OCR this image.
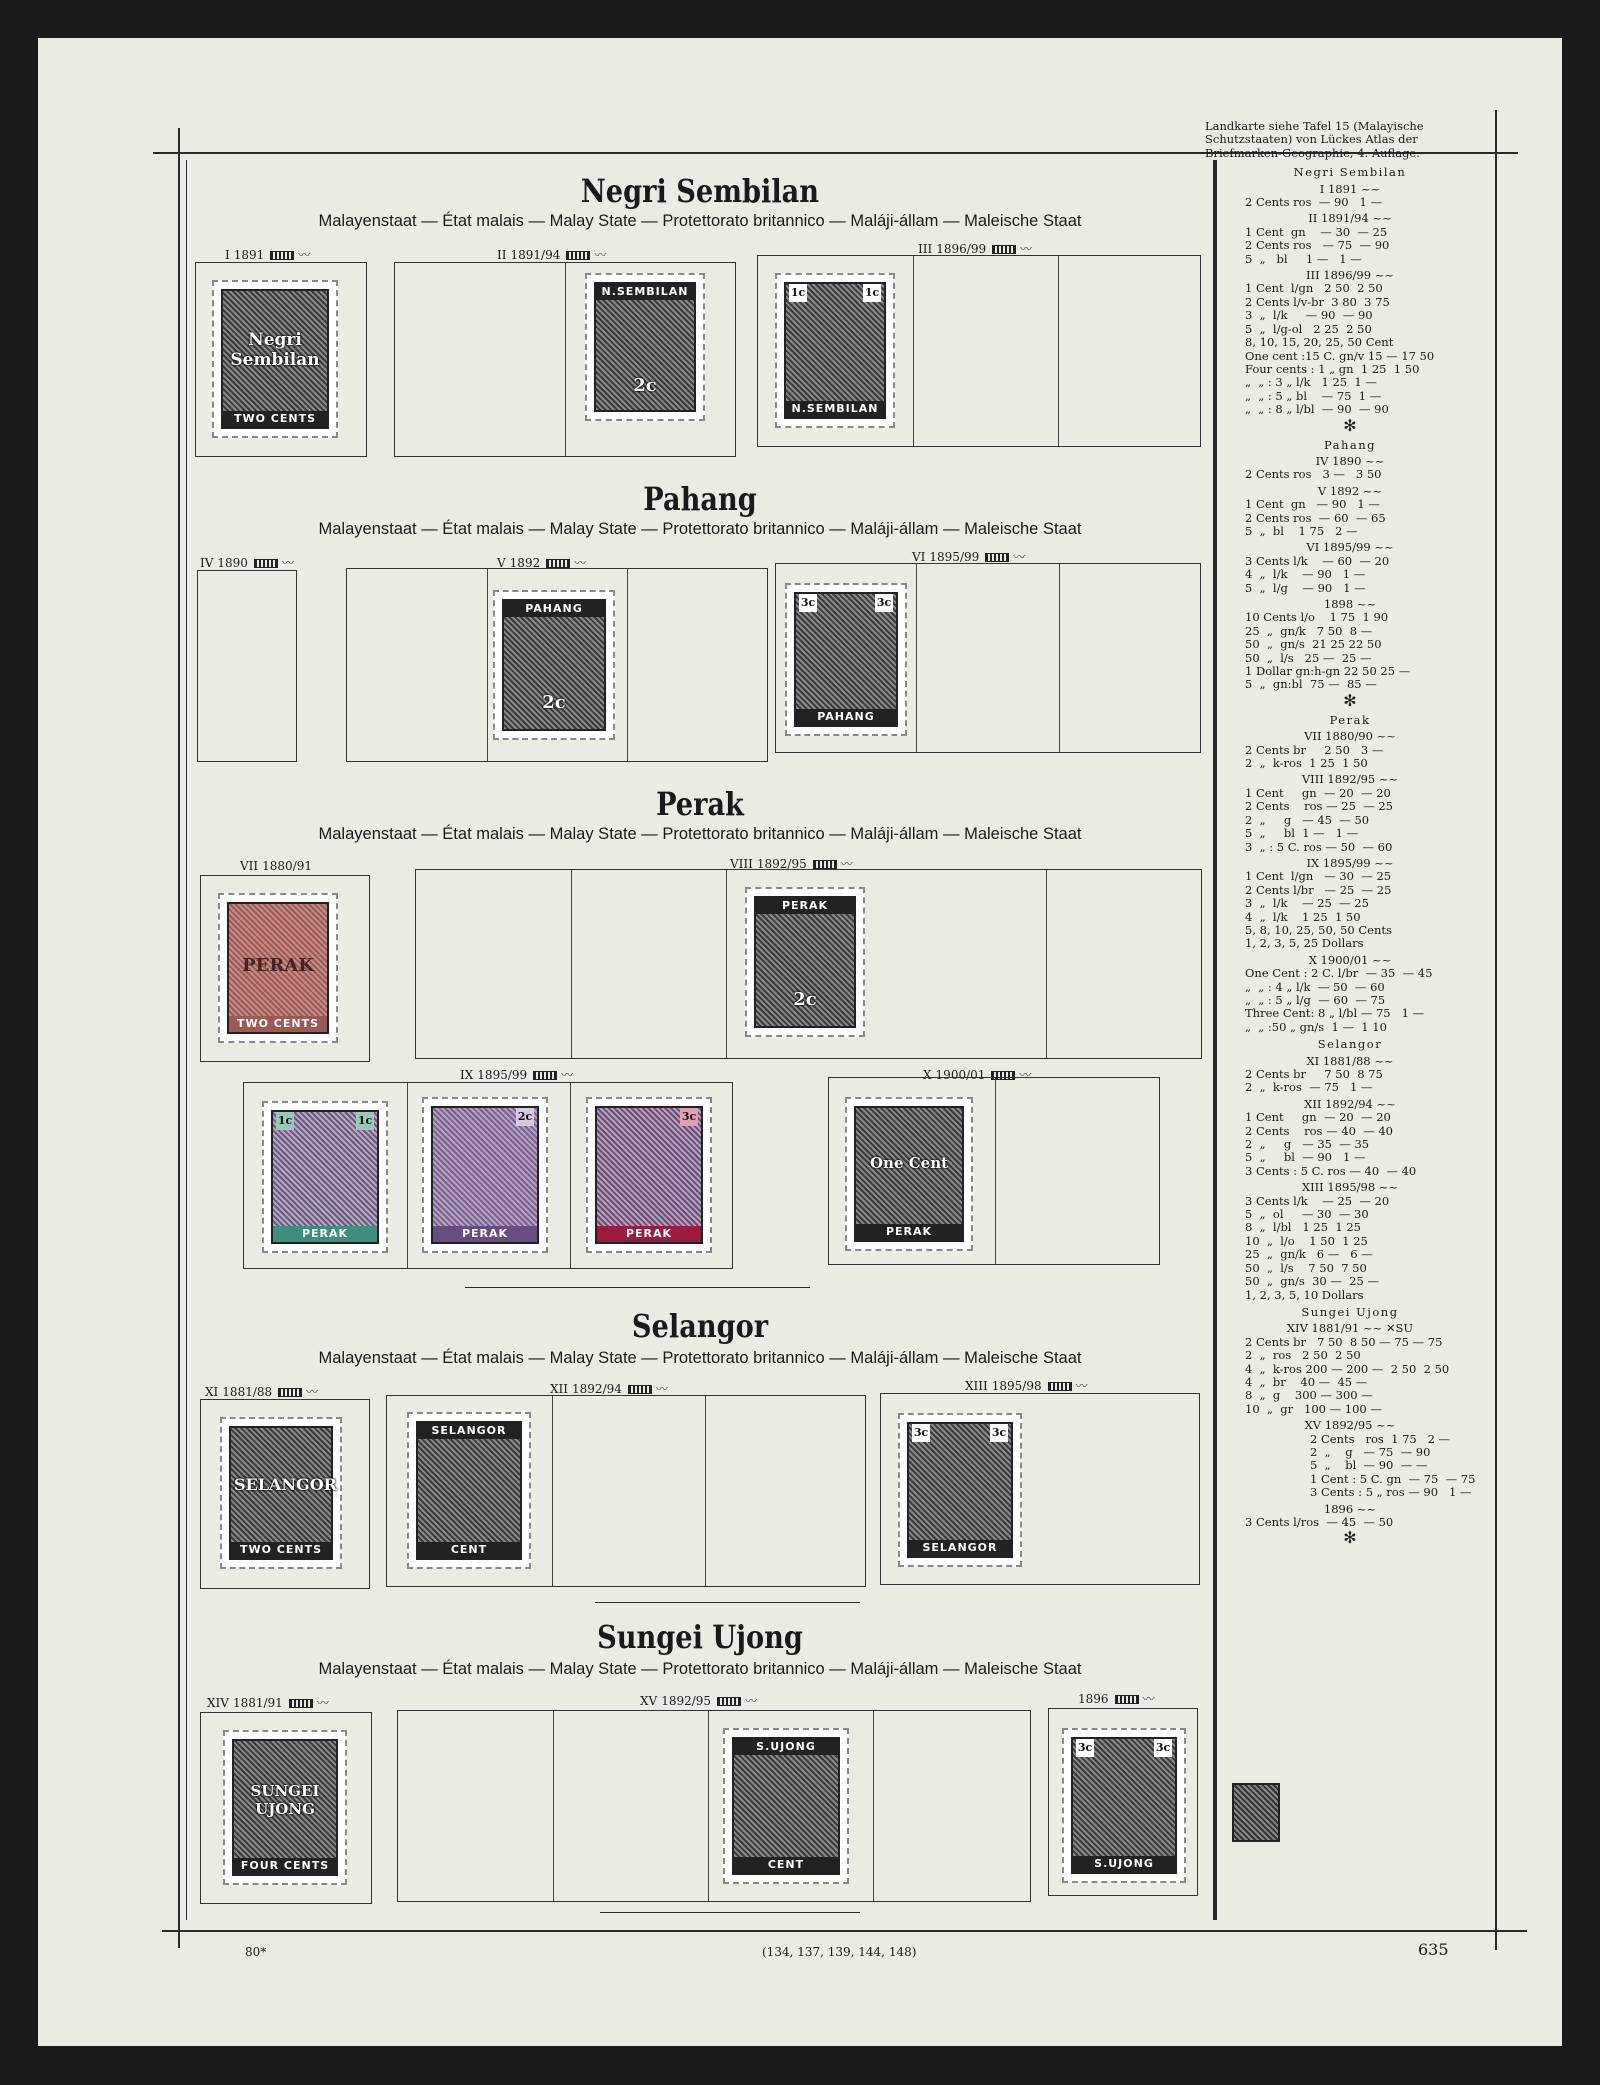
Negri Sembilan
Malayenstaat — État malais — Malay State — Protettorato britannico — Maláji-állam — Maleische Staat
I 1891	〰	II 1891/94	〰	III 1896/99	〰
Negri Sembilan
TWO CENTS
N.SEMBILAN
2c
1c	1c
N.SEMBILAN
Pahang
Malayenstaat — État malais — Malay State — Protettorato britannico — Maláji-állam — Maleische Staat
IV 1890	〰	V 1892	〰	VI 1895/99	〰
PAHANG
2c
3c	3c
PAHANG
Perak
Malayenstaat — État malais — Malay State — Protettorato britannico — Maláji-állam — Maleische Staat
VII 1880/91	VIII 1892/95	〰
PERAK
TWO CENTS
PERAK
2c
IX 1895/99	〰	X 1900/01	〰
1c	1c
PERAK
2c
PERAK
3c
PERAK
One Cent
PERAK
Selangor
Malayenstaat — État malais — Malay State — Protettorato britannico — Maláji-állam — Maleische Staat
XI 1881/88	〰	XII 1892/94	〰	XIII 1895/98	〰
SELANGOR
TWO CENTS
SELANGOR
CENT
3c	3c
SELANGOR
Sungei Ujong
Malayenstaat — État malais — Malay State — Protettorato britannico — Maláji-állam — Maleische Staat
XIV 1881/91	〰	XV 1892/95	〰	1896	〰
SUNGEI UJONG
FOUR CENTS
S.UJONG
CENT
3c	3c
S.UJONG
Landkarte siehe Tafel 15 (Malayische Schutzstaaten) von Lückes Atlas der Briefmarken-Geographie, 4. Auflage.
Negri Sembilan
I 1891 ~~
2 Cents ros  — 90   1 —
II 1891/94 ~~
1 Cent  gn    — 30  — 25
2 Cents ros   — 75  — 90
5  „   bl     1 —   1 —
III 1896/99 ~~
1 Cent  l/gn   2 50  2 50
2 Cents l/v-br  3 80  3 75
3  „  l/k     — 90  — 90
5  „  l/g-ol   2 25  2 50
8, 10, 15, 20, 25, 50 Cent
One cent :15 C. gn/v 15 — 17 50
Four cents : 1 „ gn  1 25  1 50
„  „ : 3 „ l/k   1 25  1 —
„  „ : 5 „ bl    — 75  1 —
„  „ : 8 „ l/bl  — 90  — 90
✻
Pahang
IV 1890 ~~
2 Cents ros   3 —   3 50
V 1892 ~~
1 Cent  gn   — 90   1 —
2 Cents ros  — 60  — 65
5  „  bl    1 75   2 —
VI 1895/99 ~~
3 Cents l/k    — 60  — 20
4  „  l/k    — 90   1 —
5  „  l/g    — 90   1 —
1898 ~~
10 Cents l/o    1 75  1 90
25  „  gn/k   7 50  8 —
50  „  gn/s  21 25 22 50
50  „  l/s   25 —  25 —
1 Dollar gn:h-gn 22 50 25 —
5  „  gn:bl  75 —  85 —
✻
Perak
VII 1880/90 ~~
2 Cents br     2 50   3 —
2  „  k-ros  1 25  1 50
VIII 1892/95 ~~
1 Cent     gn  — 20  — 20
2 Cents    ros — 25  — 25
2  „     g   — 45  — 50
5  „     bl  1 —   1 —
3  „ : 5 C. ros — 50  — 60
IX 1895/99 ~~
1 Cent  l/gn   — 30  — 25
2 Cents l/br   — 25  — 25
3  „  l/k    — 25  — 25
4  „  l/k    1 25  1 50
5, 8, 10, 25, 50, 50 Cents
1, 2, 3, 5, 25 Dollars
X 1900/01 ~~
One Cent : 2 C. l/br  — 35  — 45
„  „ : 4 „ l/k  — 50  — 60
„  „ : 5 „ l/g  — 60  — 75
Three Cent: 8 „ l/bl — 75   1 —
„  „ :50 „ gn/s  1 —  1 10
Selangor
XI 1881/88 ~~
2 Cents br     7 50  8 75
2  „  k-ros  — 75   1 —
XII 1892/94 ~~
1 Cent     gn  — 20  — 20
2 Cents    ros — 40  — 40
2  „     g   — 35  — 35
5  „     bl  — 90   1 —
3 Cents : 5 C. ros — 40  — 40
XIII 1895/98 ~~
3 Cents l/k    — 25  — 20
5  „  ol     — 30  — 30
8  „  l/bl   1 25  1 25
10  „  l/o    1 50  1 25
25  „  gn/k   6 —   6 —
50  „  l/s    7 50  7 50
50  „  gn/s  30 —  25 —
1, 2, 3, 5, 10 Dollars
Sungei Ujong
XIV 1881/91 ~~ ✕SU
2 Cents br   7 50  8 50 — 75 — 75
2  „  ros   2 50  2 50
4  „  k-ros 200 — 200 —  2 50  2 50
4  „  br    40 —  45 —
8  „  g    300 — 300 —
10  „  gr   100 — 100 —
XV 1892/95 ~~
2 Cents   ros  1 75   2 —
2  „    g   — 75  — 90
5  „    bl  — 90  — —
1 Cent : 5 C. gn  — 75  — 75
3 Cents : 5 „ ros — 90   1 —
1896 ~~
3 Cents l/ros  — 45  — 50
✻
80*	(134, 137, 139, 144, 148)	635
